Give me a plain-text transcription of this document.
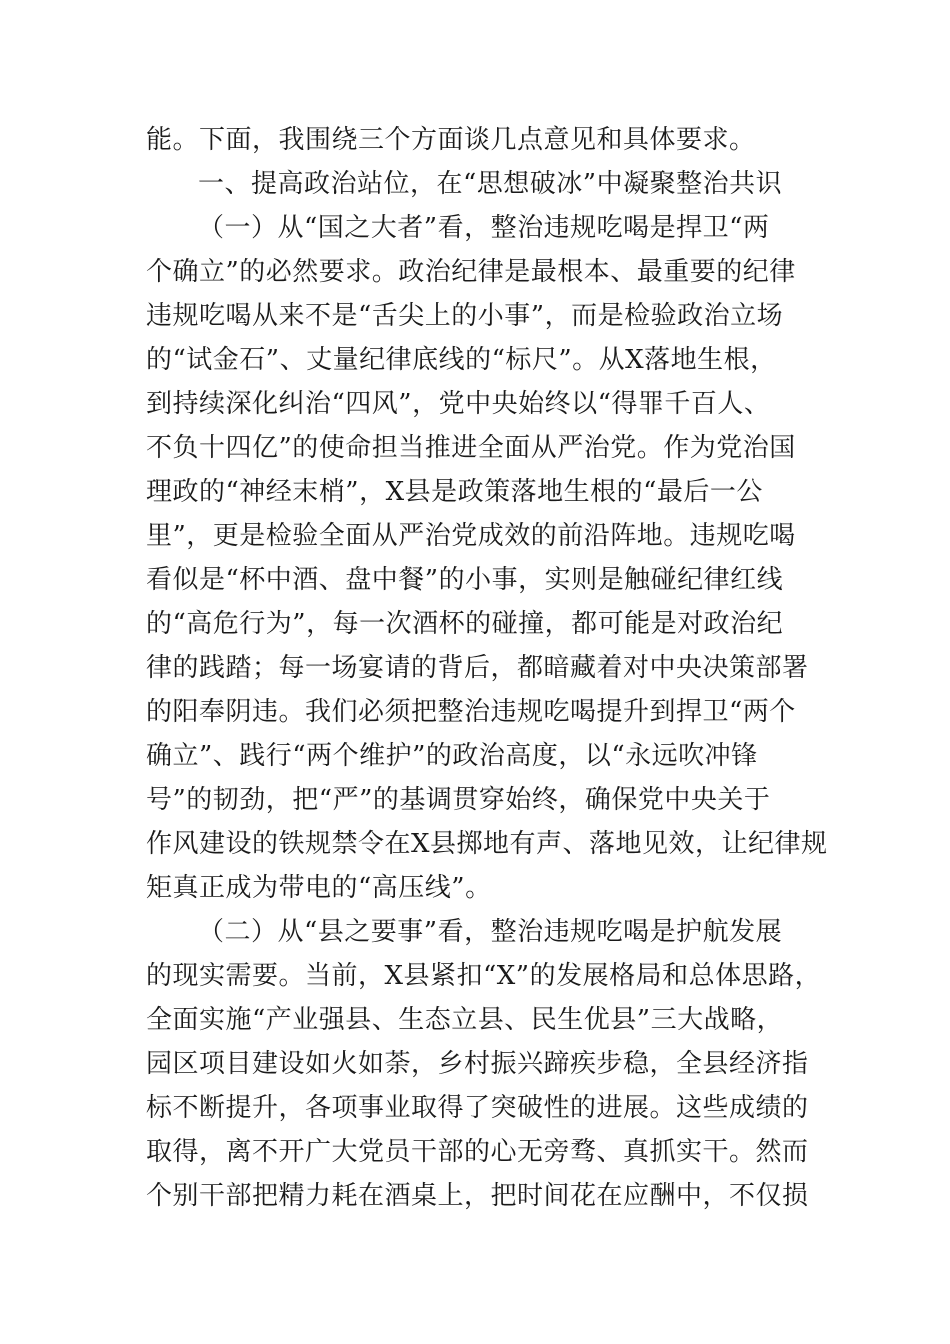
能。下面，我围绕三个方面谈几点意见和具体要求。
一、提高政治站位，在“思想破冰”中凝聚整治共识
（一）从“国之大者”看，整治违规吃喝是捍卫“两
个确立”的必然要求。政治纪律是最根本、最重要的纪律
违规吃喝从来不是“舌尖上的小事”，而是检验政治立场
的“试金石”、丈量纪律底线的“标尺”。从X落地生根，
到持续深化纠治“四风”，党中央始终以“得罪千百人、
不负十四亿”的使命担当推进全面从严治党。作为党治国
理政的“神经末梢”，X县是政策落地生根的“最后一公
里”，更是检验全面从严治党成效的前沿阵地。违规吃喝
看似是“杯中酒、盘中餐”的小事，实则是触碰纪律红线
的“高危行为”，每一次酒杯的碰撞，都可能是对政治纪
律的践踏；每一场宴请的背后，都暗藏着对中央决策部署
的阳奉阴违。我们必须把整治违规吃喝提升到捍卫“两个
确立”、践行“两个维护”的政治高度，以“永远吹冲锋
号”的韧劲，把“严”的基调贯穿始终，确保党中央关于
作风建设的铁规禁令在X县掷地有声、落地见效，让纪律规
矩真正成为带电的“高压线”。
（二）从“县之要事”看，整治违规吃喝是护航发展
的现实需要。当前，X县紧扣“X”的发展格局和总体思路，
全面实施“产业强县、生态立县、民生优县”三大战略，
园区项目建设如火如荼，乡村振兴蹄疾步稳，全县经济指
标不断提升，各项事业取得了突破性的进展。这些成绩的
取得，离不开广大党员干部的心无旁骛、真抓实干。然而
个别干部把精力耗在酒桌上，把时间花在应酬中，不仅损
